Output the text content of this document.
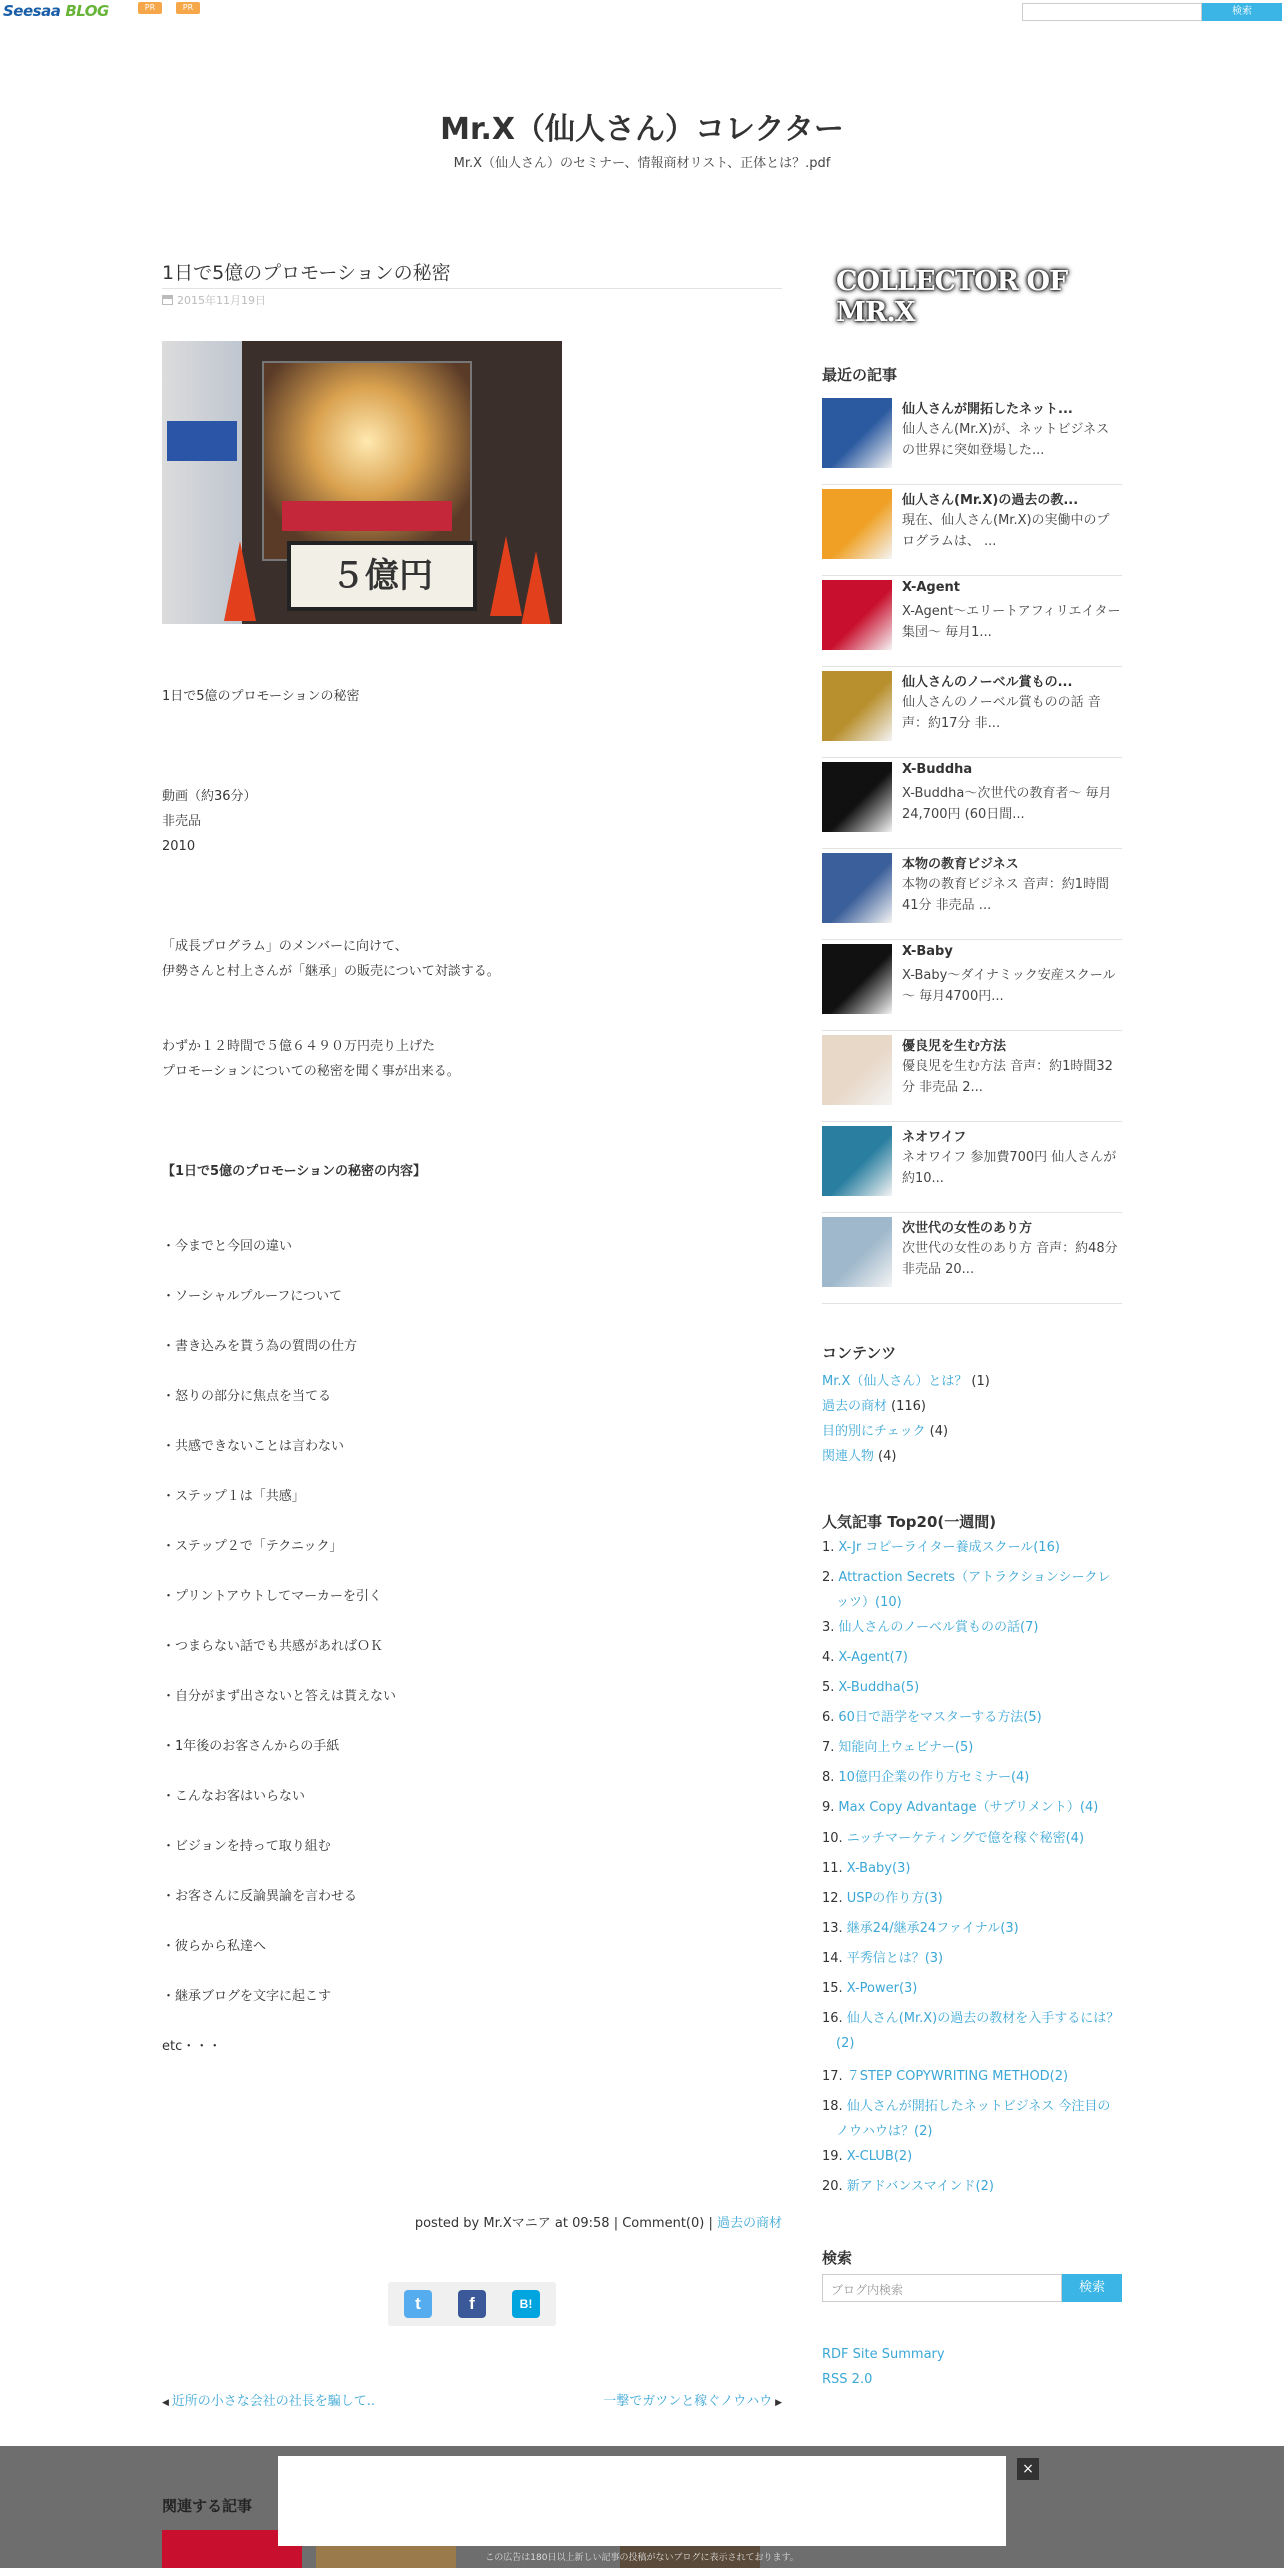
Seesaa BLOG	PR	PR	検索
Mr.X（仙人さん）コレクター
Mr.X（仙人さん）のセミナー、情報商材リスト、正体とは？.pdf
1日で5億のプロモーションの秘密
2015年11月19日
５億円
1日で5億のプロモーションの秘密
動画（約36分）
非売品
2010
「成長プログラム」のメンバーに向けて、
伊勢さんと村上さんが「継承」の販売について対談する。
わずか１２時間で５億６４９０万円売り上げた
プロモーションについての秘密を聞く事が出来る。
【1日で5億のプロモーションの秘密の内容】
・今までと今回の違い
・ソーシャルプルーフについて
・書き込みを貰う為の質問の仕方
・怒りの部分に焦点を当てる
・共感できないことは言わない
・ステップ１は「共感」
・ステップ２で「テクニック」
・プリントアウトしてマーカーを引く
・つまらない話でも共感があればＯＫ
・自分がまず出さないと答えは貰えない
・1年後のお客さんからの手紙
・こんなお客はいらない
・ビジョンを持って取り組む
・お客さんに反論異論を言わせる
・彼らから私達へ
・継承ブログを文字に起こす
etc・・・
posted by Mr.Xマニア at 09:58 | Comment(0) | 過去の商材
t	f	B!
◀ 近所の小さな会社の社長を騙して..	一撃でガツンと稼ぐノウハウ ▶
COLLECTOR OF MR.X
最近の記事
仙人さんが開拓したネット...
仙人さん(Mr.X)が、ネットビジネスの世界に突如登場した...
仙人さん(Mr.X)の過去の教...
現在、仙人さん(Mr.X)の実働中のプログラムは、 ...
X-Agent
X-Agent～エリートアフィリエイター集団～ 毎月1...
仙人さんのノーベル賞もの...
仙人さんのノーベル賞ものの話 音声：約17分 非...
X-Buddha
X-Buddha～次世代の教育者～ 毎月24,700円 (60日間...
本物の教育ビジネス
本物の教育ビジネス 音声：約1時間41分 非売品 ...
X-Baby
X-Baby～ダイナミック安産スクール～ 毎月4700円...
優良児を生む方法
優良児を生む方法 音声：約1時間32分 非売品 2...
ネオワイフ
ネオワイフ 参加費700円 仙人さんが約10...
次世代の女性のあり方
次世代の女性のあり方 音声：約48分 非売品 20...
コンテンツ
Mr.X（仙人さん）とは？ (1)
過去の商材 (116)
目的別にチェック (4)
関連人物 (4)
人気記事 Top20(一週間)
1. X-Jr コピーライター養成スクール(16)
2. Attraction Secrets（アトラクションシークレッツ）(10)
3. 仙人さんのノーベル賞ものの話(7)
4. X-Agent(7)
5. X-Buddha(5)
6. 60日で語学をマスターする方法(5)
7. 知能向上ウェビナー(5)
8. 10億円企業の作り方セミナー(4)
9. Max Copy Advantage（サプリメント）(4)
10. ニッチマーケティングで億を稼ぐ秘密(4)
11. X-Baby(3)
12. USPの作り方(3)
13. 継承24/継承24ファイナル(3)
14. 平秀信とは？(3)
15. X-Power(3)
16. 仙人さん(Mr.X)の過去の教材を入手するには？(2)
17. ７STEP COPYWRITING METHOD(2)
18. 仙人さんが開拓したネットビジネス 今注目のノウハウは？(2)
19. X-CLUB(2)
20. 新アドバンスマインド(2)
検索
ブログ内検索	検索
RDF Site Summary
RSS 2.0
関連する記事
×
この広告は180日以上新しい記事の投稿がないブログに表示されております。
